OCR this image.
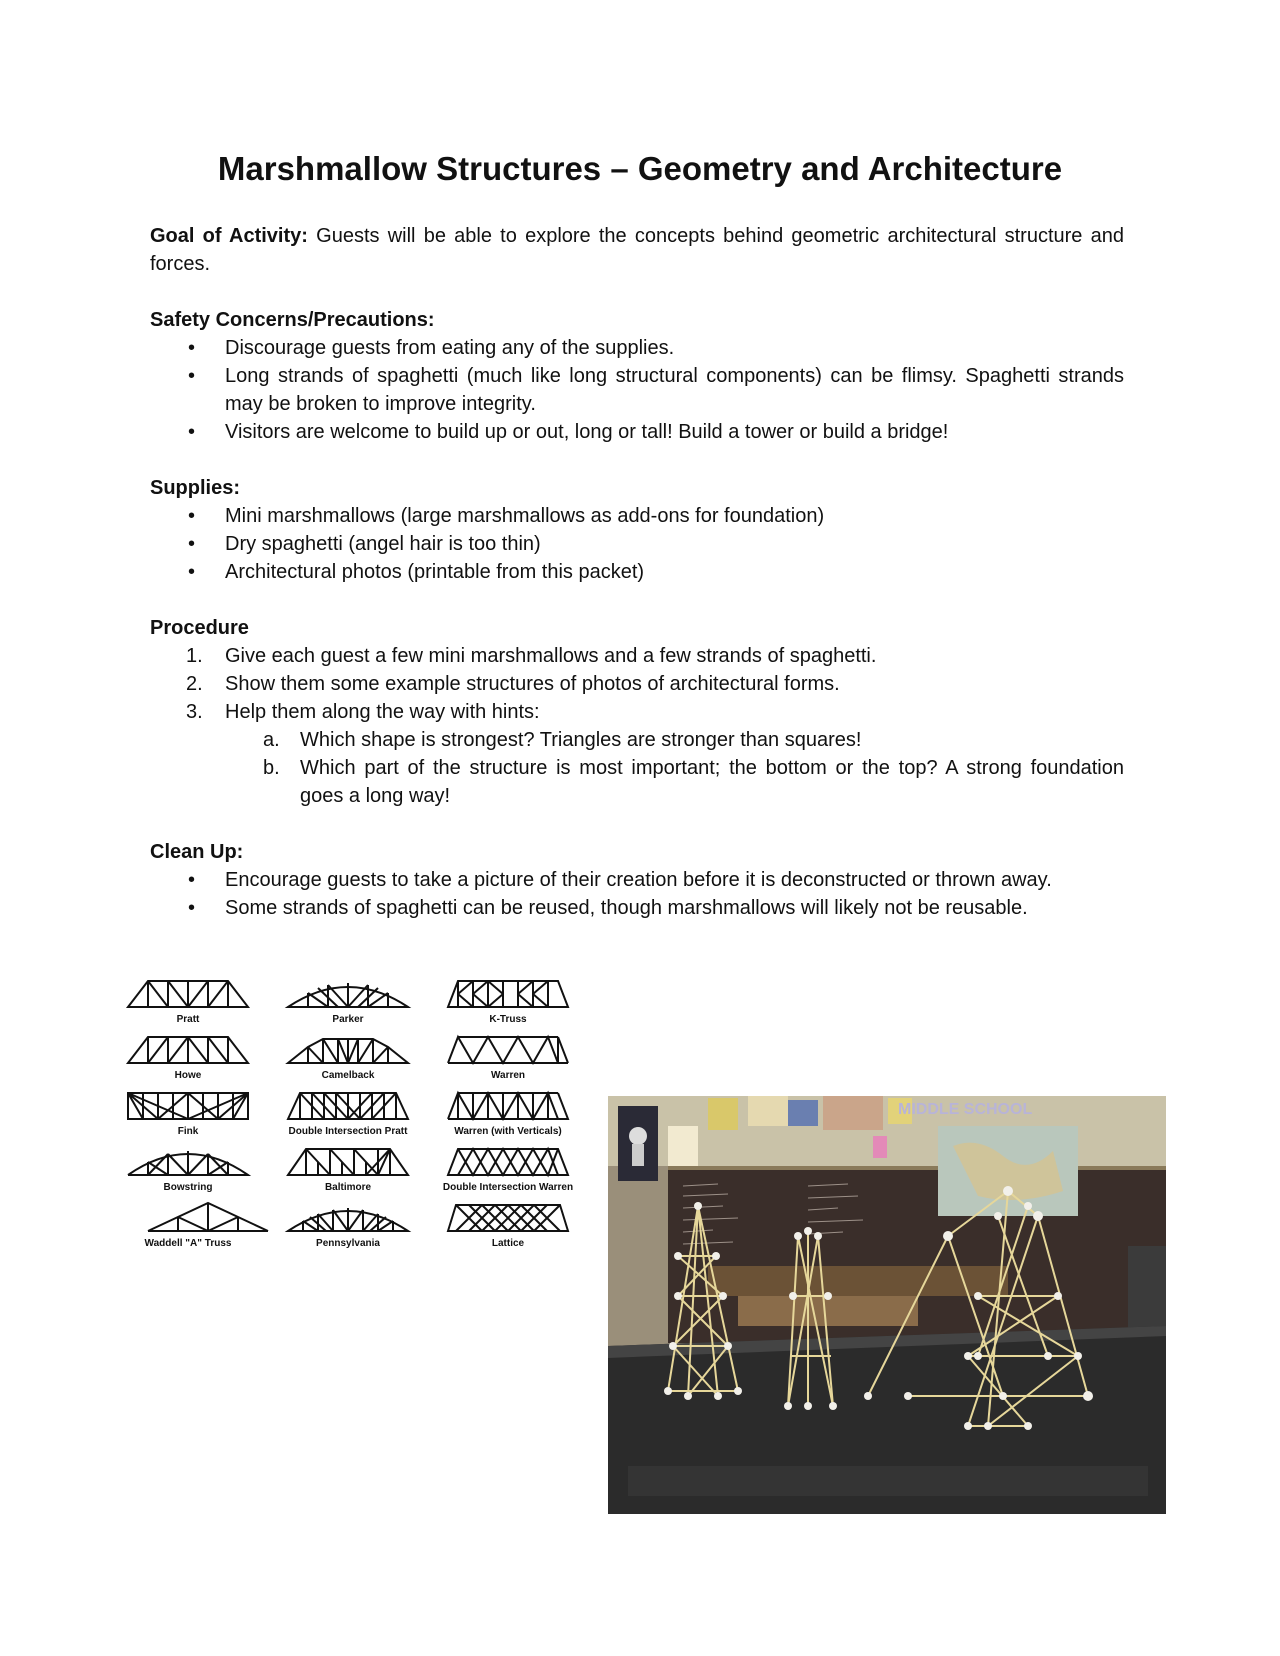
Marshmallow Structures – Geometry and Architecture
Goal of Activity: Guests will be able to explore the concepts behind geometric architectural structure and forces.
Safety Concerns/Precautions:
• Discourage guests from eating any of the supplies.
• Long strands of spaghetti (much like long structural components) can be flimsy. Spaghetti strands may be broken to improve integrity.
• Visitors are welcome to build up or out, long or tall! Build a tower or build a bridge!
Supplies:
• Mini marshmallows (large marshmallows as add-ons for foundation)
• Dry spaghetti (angel hair is too thin)
• Architectural photos (printable from this packet)
Procedure
1. Give each guest a few mini marshmallows and a few strands of spaghetti.
2. Show them some example structures of photos of architectural forms.
3. Help them along the way with hints:
a. Which shape is strongest? Triangles are stronger than squares!
b. Which part of the structure is most important; the bottom or the top? A strong foundation goes a long way!
Clean Up:
• Encourage guests to take a picture of their creation before it is deconstructed or thrown away.
• Some strands of spaghetti can be reused, though marshmallows will likely not be reusable.
Pratt	Parker	K-Truss
Howe	Camelback	Warren
Fink	Double Intersection Pratt	Warren (with Verticals)
Bowstring	Baltimore	Double Intersection Warren
Waddell "A" Truss	Pennsylvania	Lattice
MIDDLE SCHOOL
